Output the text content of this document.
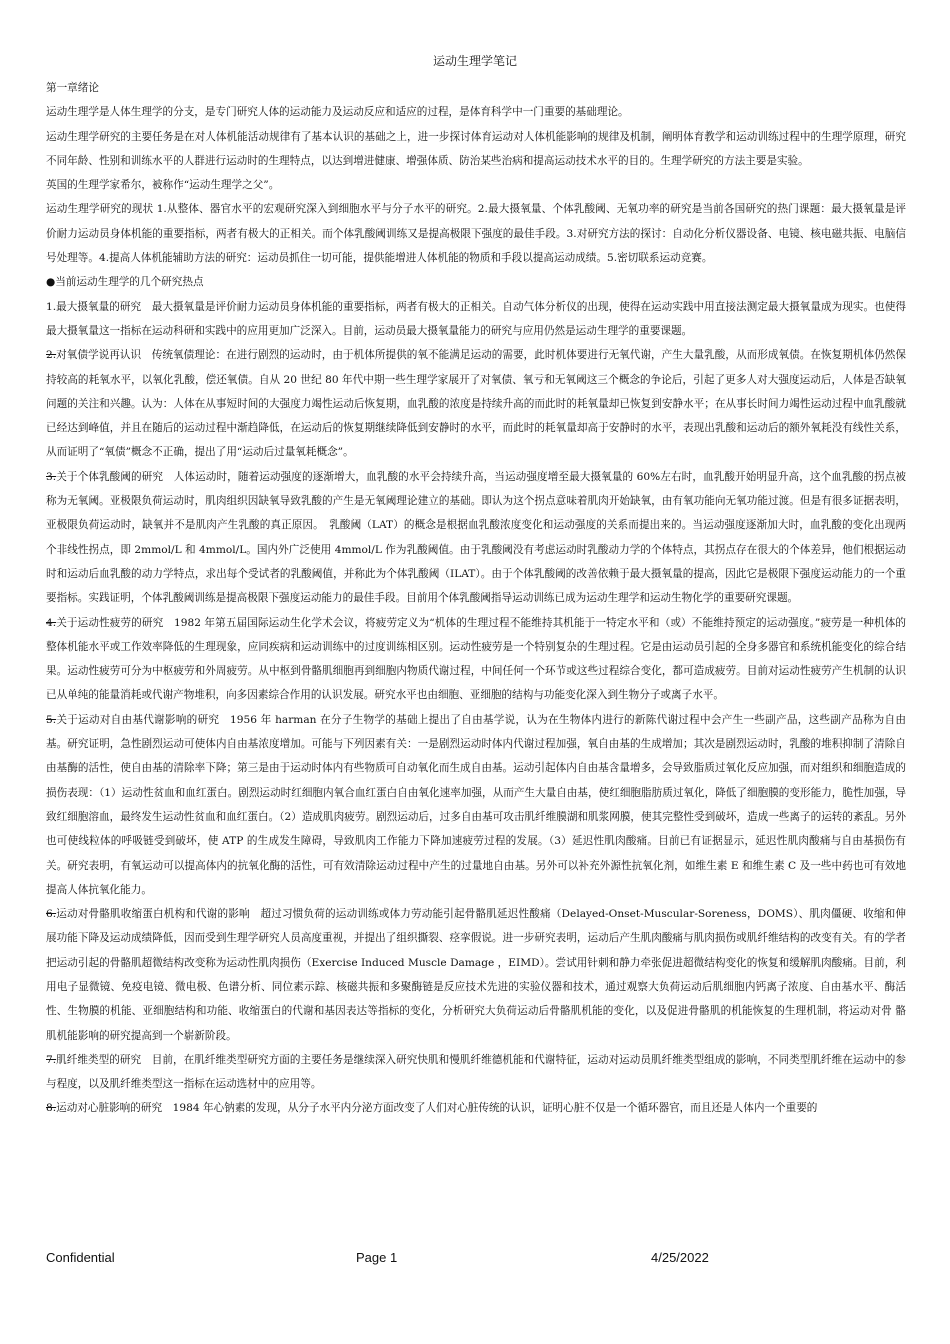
运动生理学笔记

第一章绪论

运动生理学是人体生理学的分支，是专门研究人体的运动能力及运动反应和适应的过程，是体育科学中一门重要的基础理论。

运动生理学研究的主要任务是在对人体机能活动规律有了基本认识的基础之上，进一步探讨体育运动对人体机能影响的规律及机制，阐明体育教学和运动训练过程中的生理学原理，研究不同年龄、性别和训练水平的人群进行运动时的生理特点，以达到增进健康、增强体质、防治某些治病和提高运动技术水平的目的。生理学研究的方法主要是实验。

英国的生理学家希尔，被称作“运动生理学之父”。

运动生理学研究的现状 1.从整体、器官水平的宏观研究深入到细胞水平与分子水平的研究。2.最大摄氧量、个体乳酸阈、无氧功率的研究是当前各国研究的热门课题：最大摄氧量是评价耐力运动员身体机能的重要指标，两者有极大的正相关。而个体乳酸阈训练又是提高极限下强度的最佳手段。3.对研究方法的探讨：自动化分析仪器设备、电镜、核电磁共振、电脑信号处理等。4.提高人体机能辅助方法的研究：运动员抓住一切可能，提供能增进人体机能的物质和手段以提高运动成绩。5.密切联系运动竞赛。

●当前运动生理学的几个研究热点

1.最大摄氧量的研究　最大摄氧量是评价耐力运动员身体机能的重要指标，两者有极大的正相关。自动气体分析仪的出现，使得在运动实践中用直接法测定最大摄氧量成为现实。也使得最大摄氧量这一指标在运动科研和实践中的应用更加广泛深入。目前，运动员最大摄氧量能力的研究与应用仍然是运动生理学的重要课题。

2.对氧债学说再认识　传统氧债理论：在进行剧烈的运动时，由于机体所提供的氧不能满足运动的需要，此时机体要进行无氧代谢，产生大量乳酸，从而形成氧债。在恢复期机体仍然保持较高的耗氧水平，以氧化乳酸，偿还氧债。自从 20 世纪 80 年代中期一些生理学家展开了对氧债、氧亏和无氧阈这三个概念的争论后，引起了更多人对大强度运动后，人体是否缺氧问题的关注和兴趣。认为：人体在从事短时间的大强度力竭性运动后恢复期，血乳酸的浓度是持续升高的而此时的耗氧量却已恢复到安静水平；在从事长时间力竭性运动过程中血乳酸就已经达到峰值，并且在随后的运动过程中渐趋降低，在运动后的恢复期继续降低到安静时的水平，而此时的耗氧量却高于安静时的水平，表现出乳酸和运动后的额外氧耗没有线性关系，从而证明了“氧债”概念不正确，提出了用“运动后过量氧耗概念”。

3.关于个体乳酸阈的研究　人体运动时，随着运动强度的逐渐增大，血乳酸的水平会持续升高，当运动强度增至最大摄氧量的 60%左右时，血乳酸开始明显升高，这个血乳酸的拐点被称为无氧阈。亚极限负荷运动时，肌肉组织因缺氧导致乳酸的产生是无氧阈理论建立的基础。即认为这个拐点意味着肌肉开始缺氧，由有氧功能向无氧功能过渡。但是有很多证据表明，亚极限负荷运动时，缺氧并不是肌肉产生乳酸的真正原因。　乳酸阈（LAT）的概念是根据血乳酸浓度变化和运动强度的关系而提出来的。当运动强度逐渐加大时，血乳酸的变化出现两个非线性拐点，即 2mmol/L 和 4mmol/L。国内外广泛使用 4mmol/L 作为乳酸阈值。由于乳酸阈没有考虑运动时乳酸动力学的个体特点，其拐点存在很大的个体差异，他们根据运动时和运动后血乳酸的动力学特点，求出每个受试者的乳酸阈值，并称此为个体乳酸阈（ILAT）。由于个体乳酸阈的改善依赖于最大摄氧量的提高，因此它是极限下强度运动能力的一个重要指标。实践证明，个体乳酸阈训练是提高极限下强度运动能力的最佳手段。目前用个体乳酸阈指导运动训练已成为运动生理学和运动生物化学的重要研究课题。

4.关于运动性疲劳的研究　1982 年第五届国际运动生化学术会议，将疲劳定义为“机体的生理过程不能维持其机能于一特定水平和（或）不能维持预定的运动强度。”疲劳是一种机体的整体机能水平或工作效率降低的生理现象，应同疾病和运动训练中的过度训练相区别。运动性疲劳是一个特别复杂的生理过程。它是由运动员引起的全身多器官和系统机能变化的综合结果。运动性疲劳可分为中枢疲劳和外周疲劳。从中枢到骨骼肌细胞再到细胞内物质代谢过程，中间任何一个环节或这些过程综合变化，都可造成疲劳。目前对运动性疲劳产生机制的认识已从单纯的能量消耗或代谢产物堆积，向多因素综合作用的认识发展。研究水平也由细胞、亚细胞的结构与功能变化深入到生物分子或离子水平。

5.关于运动对自由基代谢影响的研究　1956 年 harman 在分子生物学的基础上提出了自由基学说，认为在生物体内进行的新陈代谢过程中会产生一些副产品，这些副产品称为自由基。研究证明，急性剧烈运动可使体内自由基浓度增加。可能与下列因素有关：一是剧烈运动时体内代谢过程加强，氧自由基的生成增加；其次是剧烈运动时，乳酸的堆积抑制了清除自由基酶的活性，使自由基的清除率下降；第三是由于运动时体内有些物质可自动氧化而生成自由基。运动引起体内自由基含量增多，会导致脂质过氧化反应加强，而对组织和细胞造成的损伤表现：（1）运动性贫血和血红蛋白。剧烈运动时红细胞内氧合血红蛋白自由氧化速率加强，从而产生大量自由基，使红细胞脂肪质过氧化，降低了细胞膜的变形能力，脆性加强，导致红细胞溶血，最终发生运动性贫血和血红蛋白。（2）造成肌肉疲劳。剧烈运动后，过多自由基可攻击肌纤维膜湖和肌浆网膜，使其完整性受到破坏，造成一些离子的运转的紊乱。另外也可使线粒体的呼吸链受到破坏，使 ATP 的生成发生障碍，导致肌肉工作能力下降加速疲劳过程的发展。（3）延迟性肌肉酸痛。目前已有证据显示，延迟性肌肉酸痛与自由基损伤有关。研究表明，有氧运动可以提高体内的抗氧化酶的活性，可有效清除运动过程中产生的过量地自由基。另外可以补充外源性抗氧化剂，如维生素 E 和维生素 C 及一些中药也可有效地提高人体抗氧化能力。

6.运动对骨骼肌收缩蛋白机构和代谢的影响　超过习惯负荷的运动训练或体力劳动能引起骨骼肌延迟性酸痛（Delayed-Onset-Muscular-Soreness，DOMS）、肌肉僵硬、收缩和伸展功能下降及运动成绩降低，因而受到生理学研究人员高度重视，并提出了组织撕裂、痉挛假说。进一步研究表明，运动后产生肌肉酸痛与肌肉损伤或肌纤维结构的改变有关。有的学者把运动引起的骨骼肌超微结构改变称为运动性肌肉损伤（Exercise Induced Muscle Damage ，EIMD）。尝试用针刺和静力牵张促进超微结构变化的恢复和缓解肌肉酸痛。目前，利用电子显微镜、免疫电镜、微电极、色谱分析、同位素示踪、核磁共振和多聚酶链是反应技术先进的实验仪器和技术，通过观察大负荷运动后肌细胞内钙离子浓度、自由基水平、酶活性、生物膜的机能、亚细胞结构和功能、收缩蛋白的代谢和基因表达等指标的变化，分析研究大负荷运动后骨骼肌机能的变化，以及促进骨骼肌的机能恢复的生理机制，将运动对骨 骼肌机能影响的研究提高到一个崭新阶段。

7.肌纤维类型的研究　目前，在肌纤维类型研究方面的主要任务是继续深入研究快肌和慢肌纤维德机能和代谢特征，运动对运动员肌纤维类型组成的影响，不同类型肌纤维在运动中的参与程度，以及肌纤维类型这一指标在运动选材中的应用等。

8.运动对心脏影响的研究　1984 年心钠素的发现，从分子水平内分泌方面改变了人们对心脏传统的认识，证明心脏不仅是一个循环器官，而且还是人体内一个重要的

Confidential	Page 1	4/25/2022
